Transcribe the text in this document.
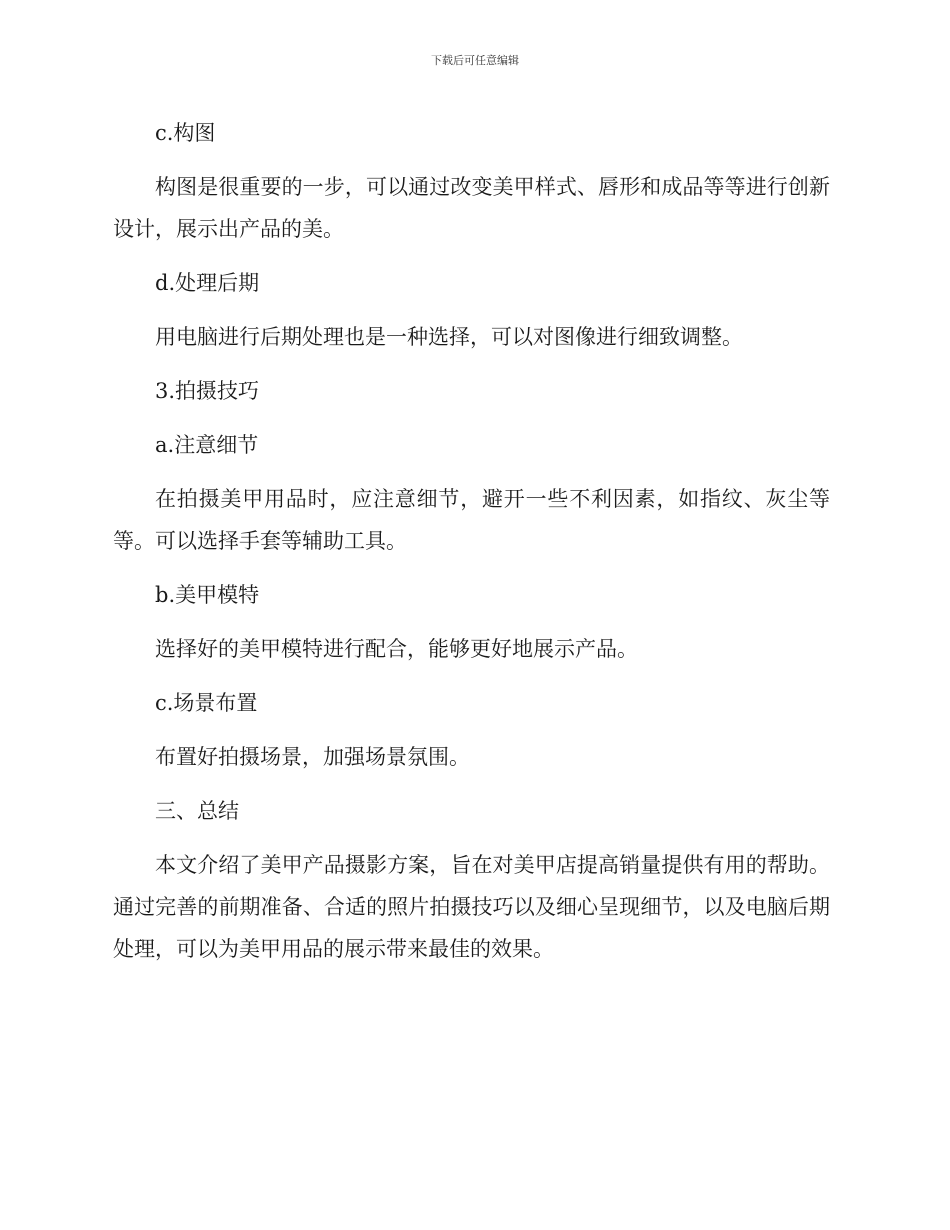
下载后可任意编辑

c.构图

构图是很重要的一步，可以通过改变美甲样式、唇形和成品等等进行创新设计，展示出产品的美。

d.处理后期

用电脑进行后期处理也是一种选择，可以对图像进行细致调整。

3.拍摄技巧

a.注意细节

在拍摄美甲用品时，应注意细节，避开一些不利因素，如指纹、灰尘等等。可以选择手套等辅助工具。

b.美甲模特

选择好的美甲模特进行配合，能够更好地展示产品。

c.场景布置

布置好拍摄场景，加强场景氛围。

三、总结

本文介绍了美甲产品摄影方案，旨在对美甲店提高销量提供有用的帮助。通过完善的前期准备、合适的照片拍摄技巧以及细心呈现细节，以及电脑后期处理，可以为美甲用品的展示带来最佳的效果。
